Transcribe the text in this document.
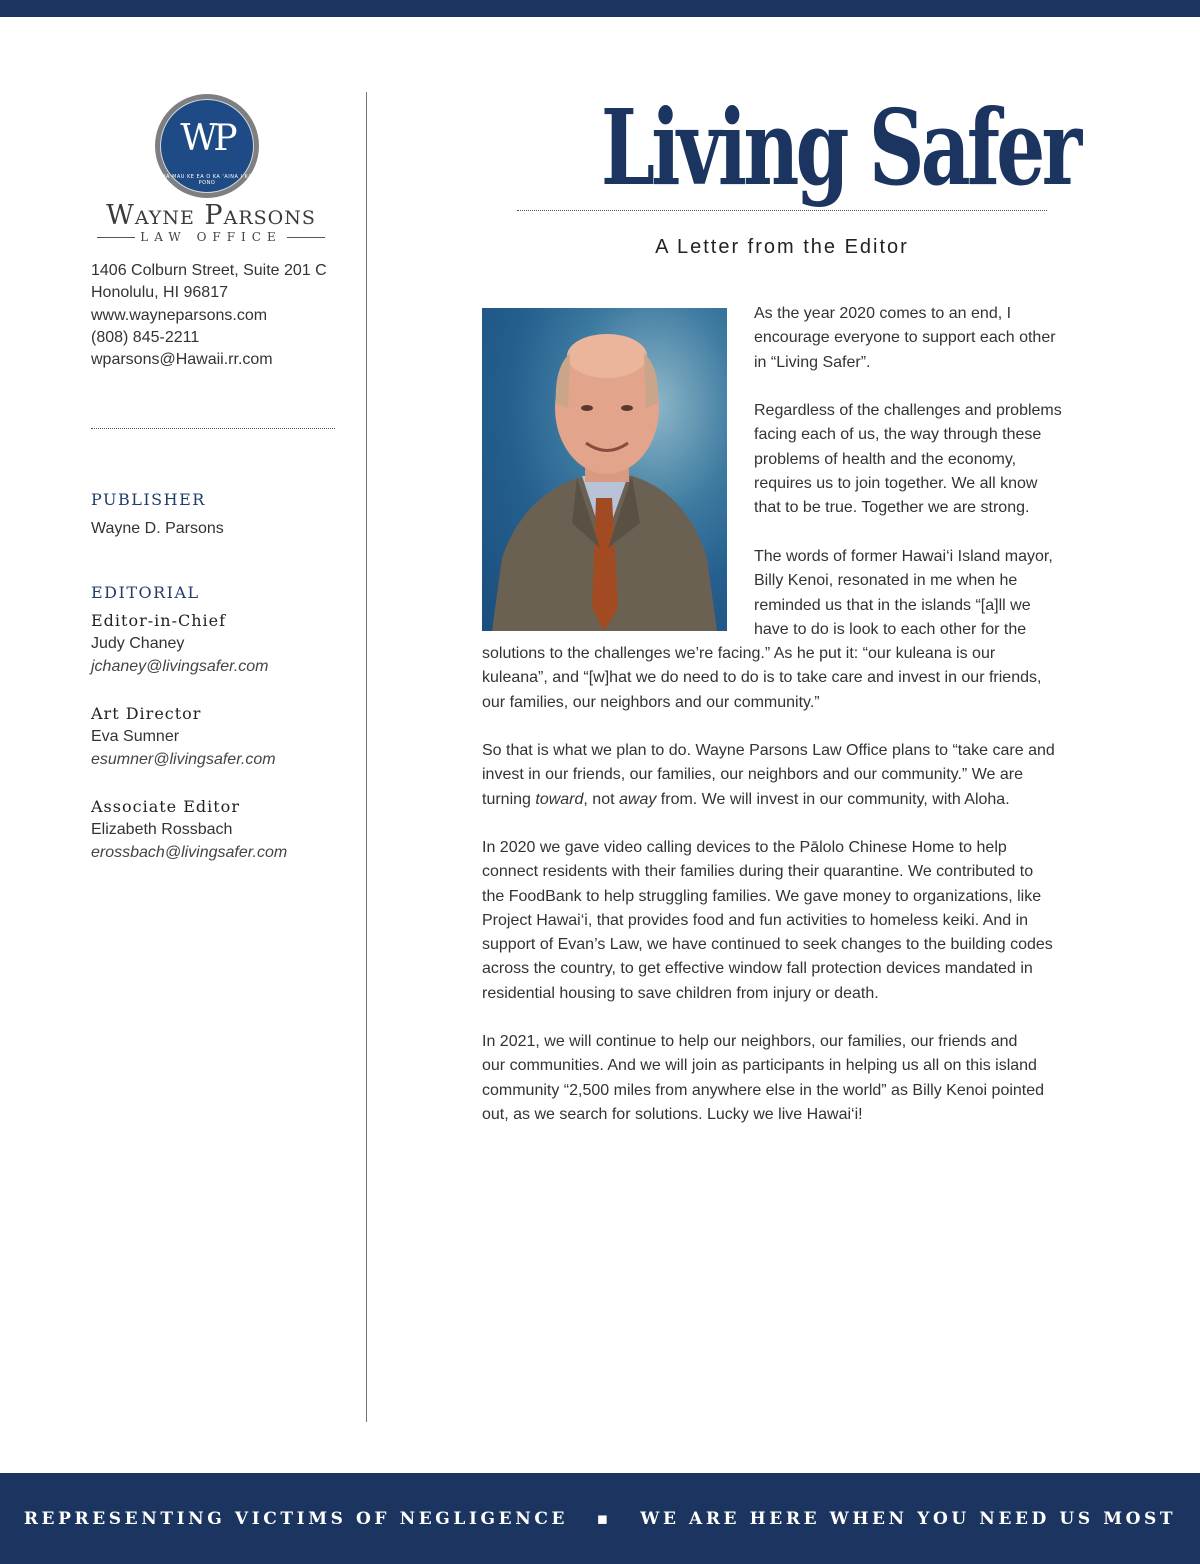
WP
UA MAU KE EA O KA 'AINA I KA PONO
Wayne Parsons
LAW OFFICE
1406 Colburn Street, Suite 201 C
Honolulu, HI 96817
www.wayneparsons.com
(808) 845-2211
wparsons@Hawaii.rr.com
PUBLISHER
Wayne D. Parsons
EDITORIAL
Editor-in-Chief
Judy Chaney
jchaney@livingsafer.com
Art Director
Eva Sumner
esumner@livingsafer.com
Associate Editor
Elizabeth Rossbach
erossbach@livingsafer.com
Living Safer
A Letter from the Editor
As the year 2020 comes to an end, I
encourage everyone to support each other
in “Living Safer”.
Regardless of the challenges and problems
facing each of us, the way through these
problems of health and the economy,
requires us to join together. We all know
that to be true. Together we are strong.
The words of former Hawai‘i Island mayor,
Billy Kenoi, resonated in me when he
reminded us that in the islands “[a]ll we
have to do is look to each other for the
solutions to the challenges we’re facing.” As he put it: “our kuleana is our
kuleana”, and “[w]hat we do need to do is to take care and invest in our friends,
our families, our neighbors and our community.”
So that is what we plan to do. Wayne Parsons Law Office plans to “take care and
invest in our friends, our families, our neighbors and our community.” We are
turning toward, not away from. We will invest in our community, with Aloha.
In 2020 we gave video calling devices to the Pālolo Chinese Home to help
connect residents with their families during their quarantine. We contributed to
the FoodBank to help struggling families. We gave money to organizations, like
Project Hawai‘i, that provides food and fun activities to homeless keiki. And in
support of Evan’s Law, we have continued to seek changes to the building codes
across the country, to get effective window fall protection devices mandated in
residential housing to save children from injury or death.
In 2021, we will continue to help our neighbors, our families, our friends and
our communities. And we will join as participants in helping us all on this island
community “2,500 miles from anywhere else in the world” as Billy Kenoi pointed
out, as we search for solutions. Lucky we live Hawai‘i!
REPRESENTING VICTIMS OF NEGLIGENCE   ▪   WE ARE HERE WHEN YOU NEED US MOST
